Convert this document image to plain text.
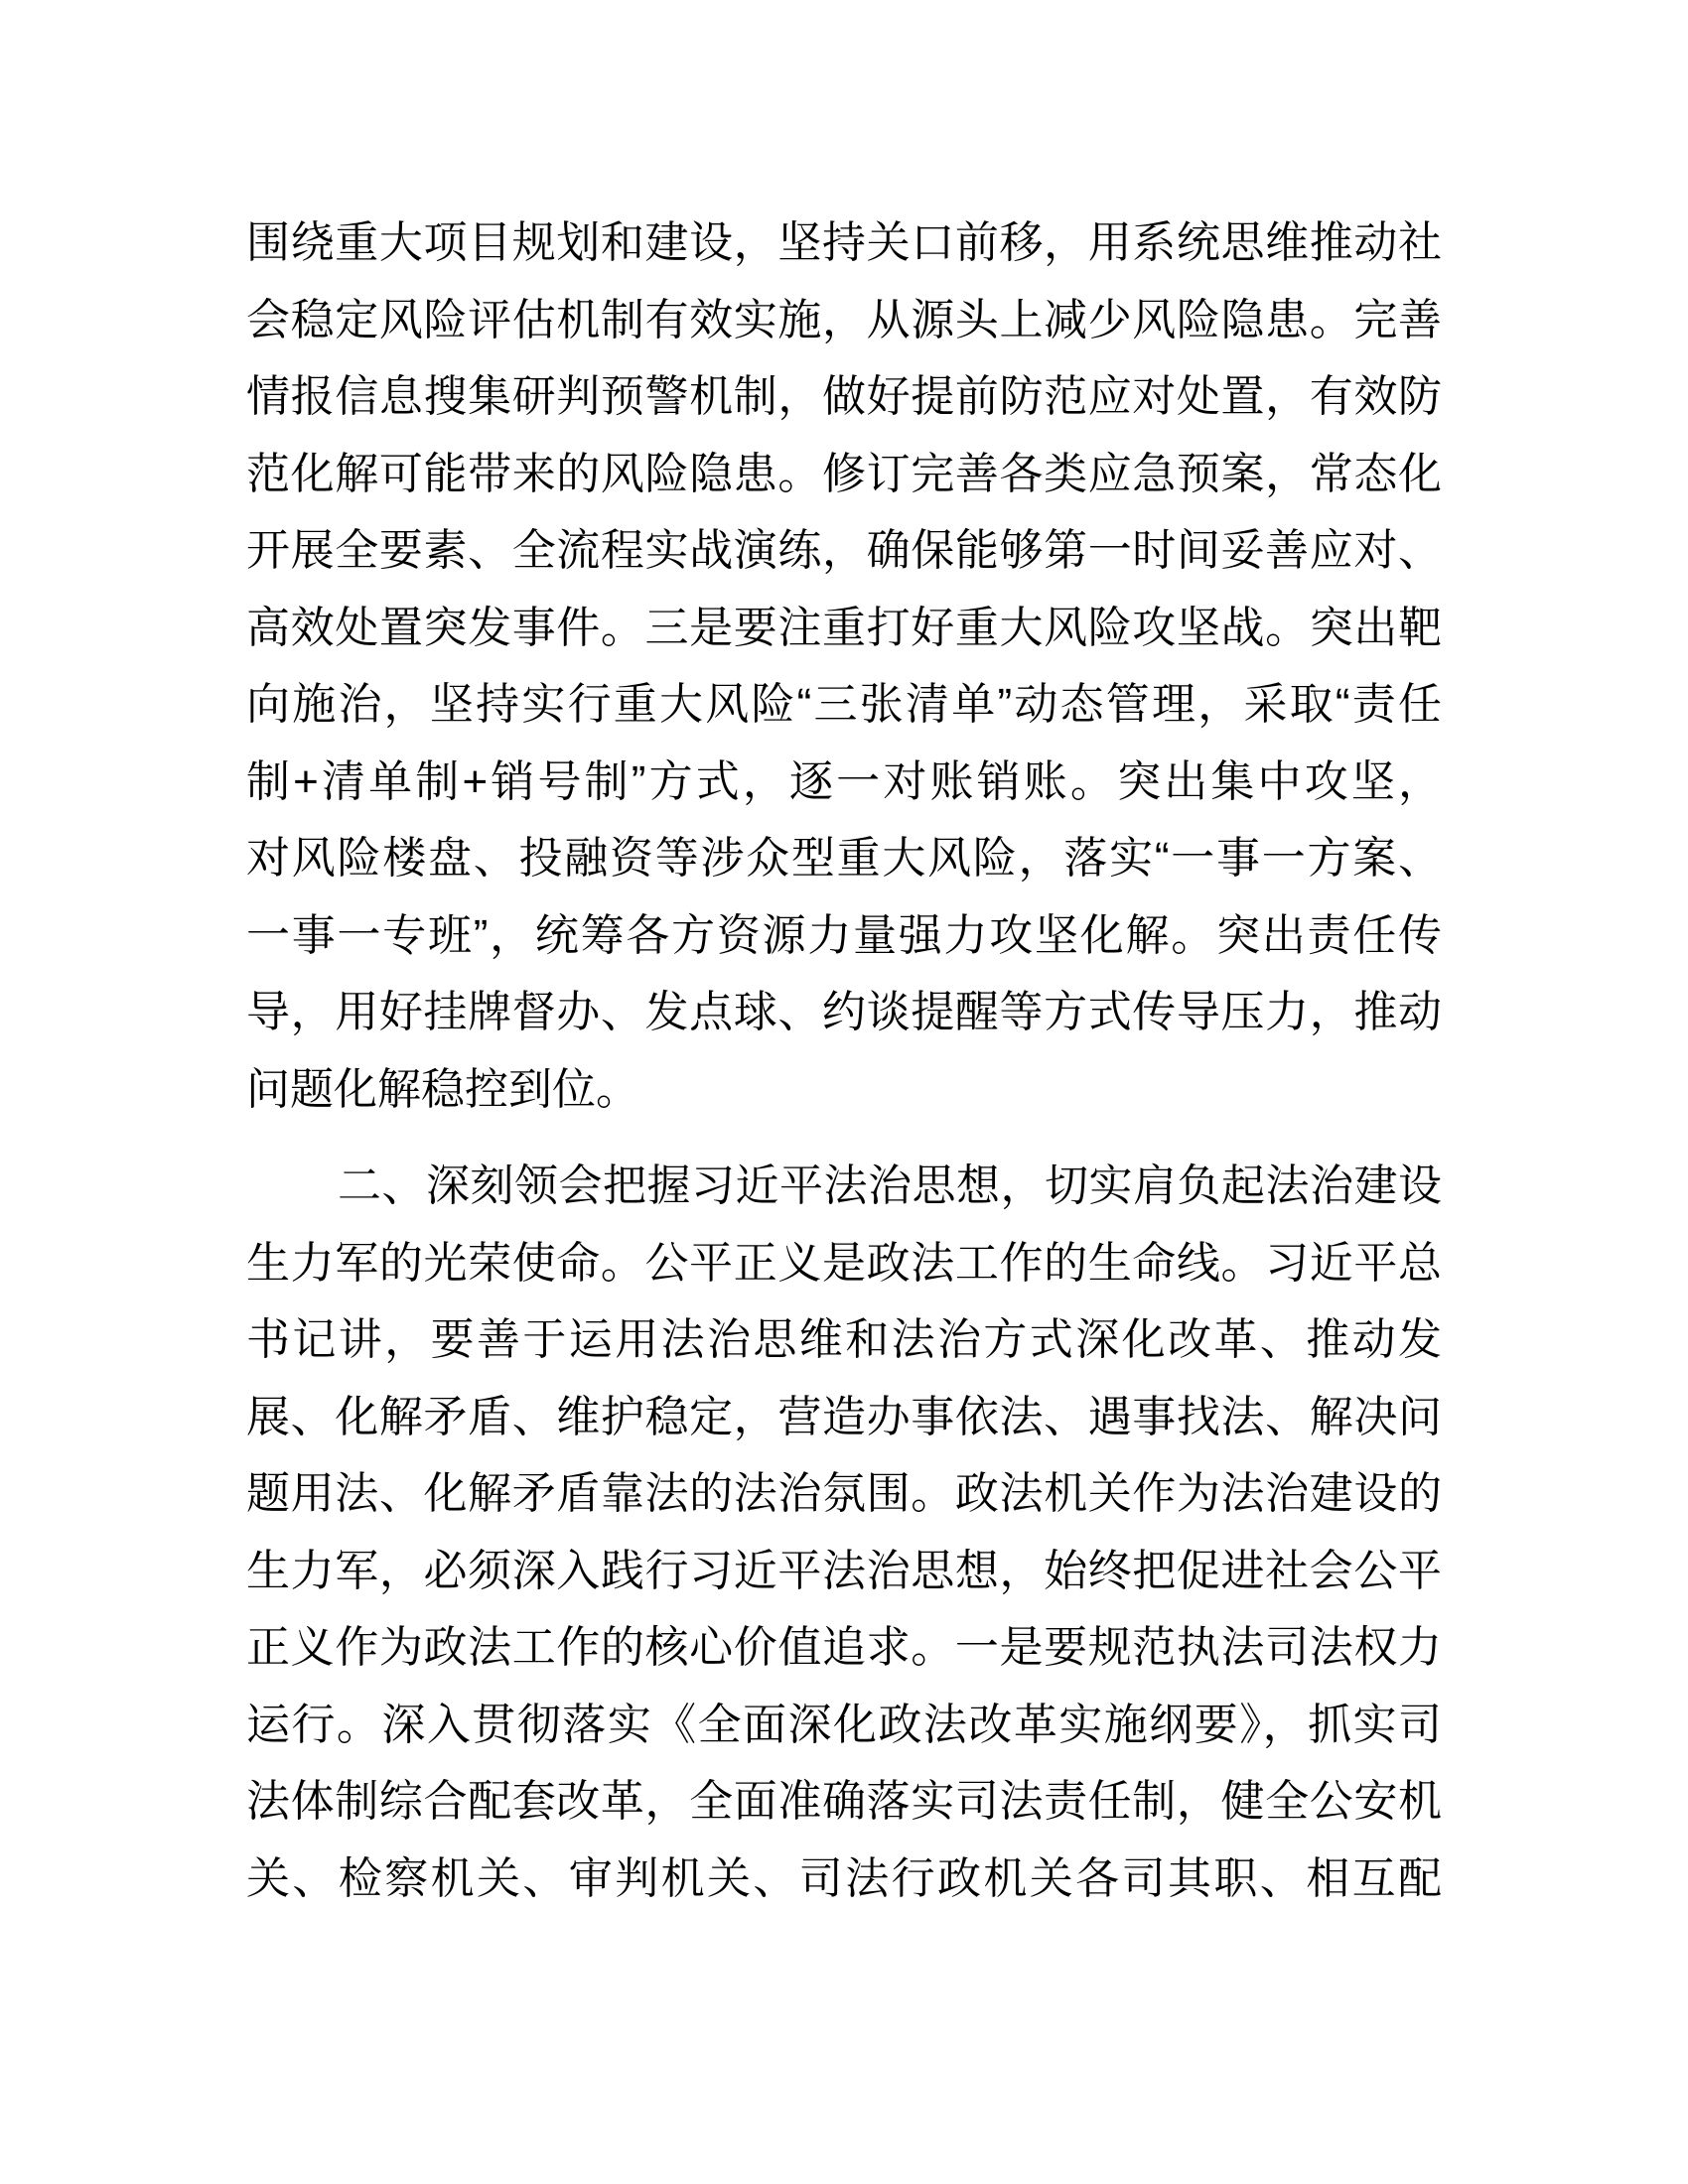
围绕重大项目规划和建设，坚持关口前移，用系统思维推动社
会稳定风险评估机制有效实施，从源头上减少风险隐患。完善
情报信息搜集研判预警机制，做好提前防范应对处置，有效防
范化解可能带来的风险隐患。修订完善各类应急预案，常态化
开展全要素、全流程实战演练，确保能够第一时间妥善应对、
高效处置突发事件。三是要注重打好重大风险攻坚战。突出靶
向施治，坚持实行重大风险“三张清单”动态管理，采取“责任
制+清单制+销号制”方式，逐一对账销账。突出集中攻坚，
对风险楼盘、投融资等涉众型重大风险，落实“一事一方案、
一事一专班”，统筹各方资源力量强力攻坚化解。突出责任传
导，用好挂牌督办、发点球、约谈提醒等方式传导压力，推动
问题化解稳控到位。
二、深刻领会把握习近平法治思想，切实肩负起法治建设
生力军的光荣使命。公平正义是政法工作的生命线。习近平总
书记讲，要善于运用法治思维和法治方式深化改革、推动发
展、化解矛盾、维护稳定，营造办事依法、遇事找法、解决问
题用法、化解矛盾靠法的法治氛围。政法机关作为法治建设的
生力军，必须深入践行习近平法治思想，始终把促进社会公平
正义作为政法工作的核心价值追求。一是要规范执法司法权力
运行。深入贯彻落实《全面深化政法改革实施纲要》，抓实司
法体制综合配套改革，全面准确落实司法责任制，健全公安机
关、检察机关、审判机关、司法行政机关各司其职、相互配
